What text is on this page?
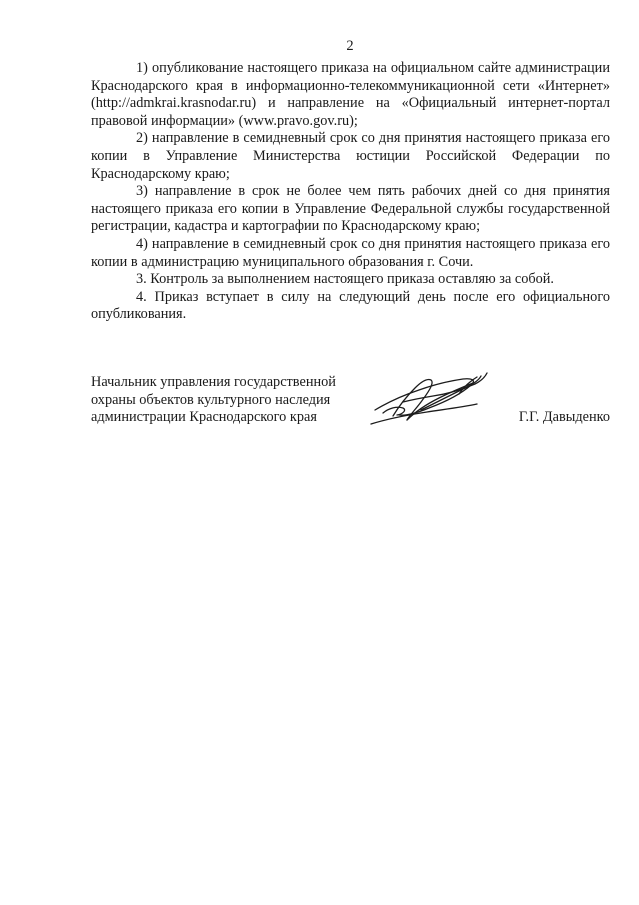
2

1) опубликование настоящего приказа на официальном сайте администрации Краснодарского края в информационно-телекоммуникационной сети «Интернет» (http://admkrai.krasnodar.ru) и направление на «Официальный интернет-портал правовой информации» (www.pravo.gov.ru);

2) направление в семидневный срок со дня принятия настоящего приказа его копии в Управление Министерства юстиции Российской Федерации по Краснодарскому краю;

3) направление в срок не более чем пять рабочих дней со дня принятия настоящего приказа его копии в Управление Федеральной службы государственной регистрации, кадастра и картографии по Краснодарскому краю;

4) направление в семидневный срок со дня принятия настоящего приказа его копии в администрацию муниципального образования г. Сочи.

3. Контроль за выполнением настоящего приказа оставляю за собой.

4. Приказ вступает в силу на следующий день после его официального опубликования.

Начальник управления государственной
охраны объектов культурного наследия
администрации Краснодарского края	Г.Г. Давыденко
